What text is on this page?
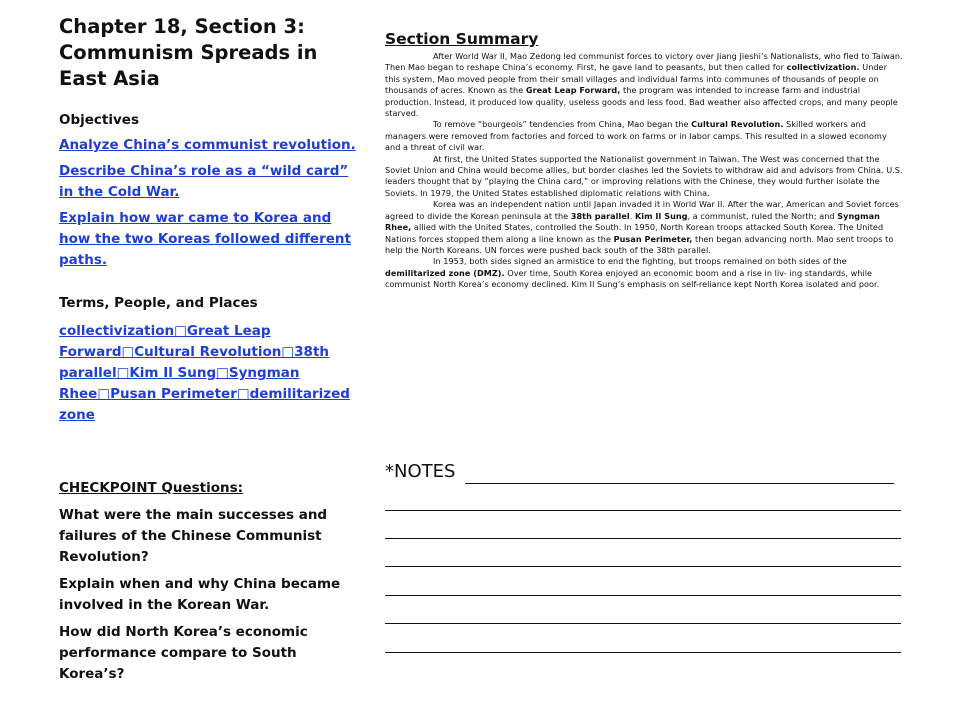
Chapter 18, Section 3: Communism Spreads in East Asia

Objectives

Analyze China’s communist revolution.
Describe China’s role as a “wild card” in the Cold War.
Explain how war came to Korea and how the two Koreas followed different paths.

Terms, People, and Places

collectivization□Great Leap Forward□Cultural Revolution□38th parallel□Kim Il Sung□Syngman Rhee□Pusan Perimeter□demilitarized zone

CHECKPOINT Questions:

What were the main successes and failures of the Chinese Communist Revolution?

Explain when and why China became involved in the Korean War.

How did North Korea’s economic performance compare to South Korea’s?

Section Summary

After World War II, Mao Zedong led communist forces to victory over Jiang Jieshi’s Nationalists, who fled to Taiwan. Then Mao began to reshape China’s economy. First, he gave land to peasants, but then called for collectivization. Under this system, Mao moved people from their small villages and individual farms into communes of thousands of people on thousands of acres. Known as the Great Leap Forward, the program was intended to increase farm and industrial production. Instead, it produced low quality, useless goods and less food. Bad weather also affected crops, and many people starved.

To remove “bourgeois” tendencies from China, Mao began the Cultural Revolution. Skilled workers and managers were removed from factories and forced to work on farms or in labor camps. This resulted in a slowed economy and a threat of civil war.

At first, the United States supported the Nationalist government in Taiwan. The West was concerned that the Soviet Union and China would become allies, but border clashes led the Soviets to withdraw aid and advisors from China. U.S. leaders thought that by “playing the China card,” or improving relations with the Chinese, they would further isolate the Soviets. In 1979, the United States established diplomatic relations with China.

Korea was an independent nation until Japan invaded it in World War II. After the war, American and Soviet forces agreed to divide the Korean peninsula at the 38th parallel. Kim Il Sung, a communist, ruled the North; and Syngman Rhee, allied with the United States, controlled the South. In 1950, North Korean troops attacked South Korea. The United Nations forces stopped them along a line known as the Pusan Perimeter, then began advancing north. Mao sent troops to help the North Koreans. UN forces were pushed back south of the 38th parallel.

In 1953, both sides signed an armistice to end the fighting, but troops remained on both sides of the demilitarized zone (DMZ). Over time, South Korea enjoyed an economic boom and a rise in liv- ing standards, while communist North Korea’s economy declined. Kim Il Sung’s emphasis on self-reliance kept North Korea isolated and poor.

*NOTES
